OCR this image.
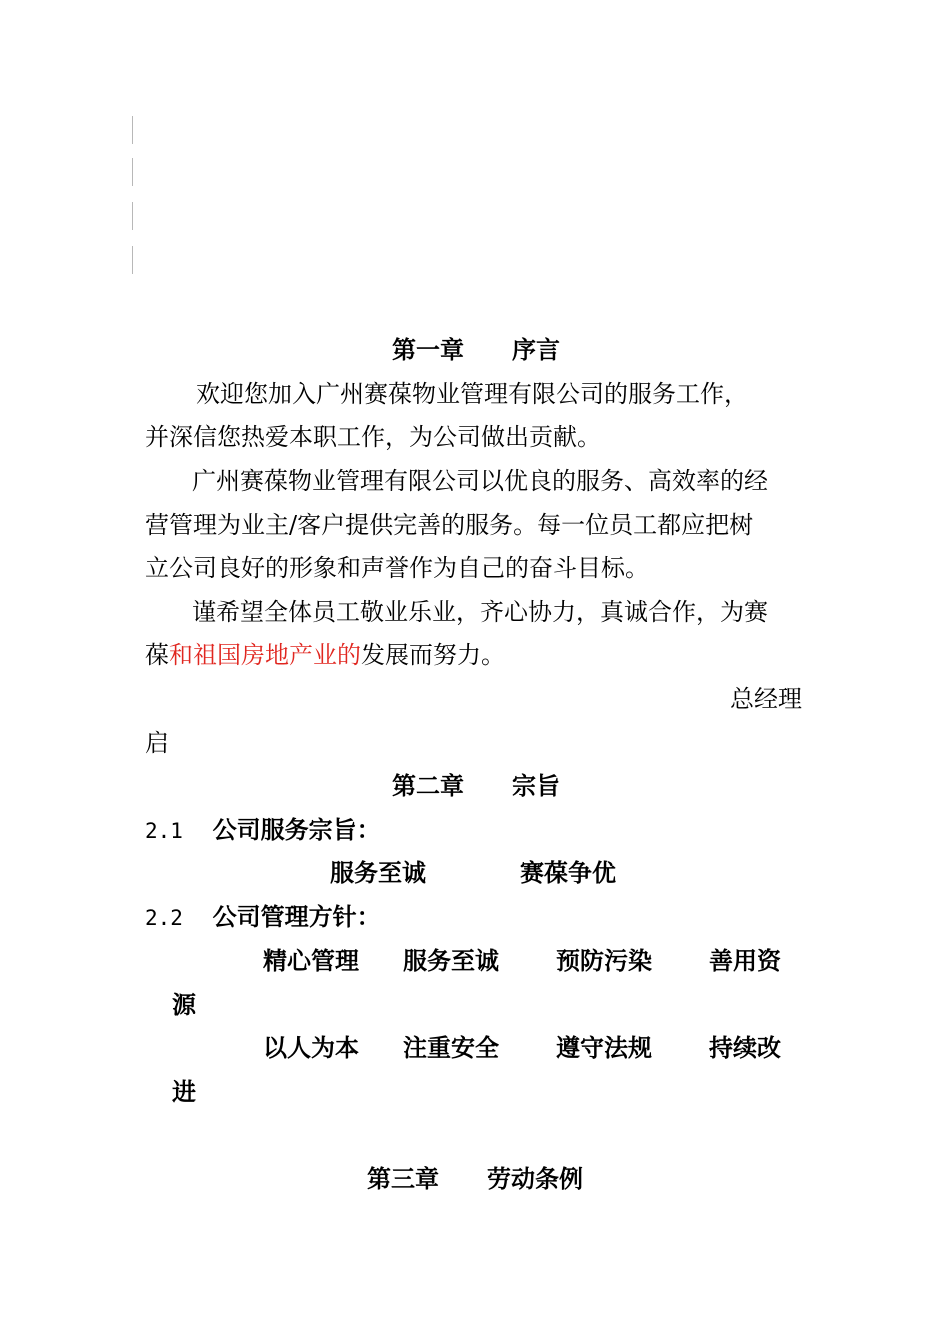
第一章　　序言
欢迎您加入广州赛葆物业管理有限公司的服务工作，
并深信您热爱本职工作，为公司做出贡献。
广州赛葆物业管理有限公司以优良的服务、高效率的经
营管理为业主/客户提供完善的服务。每一位员工都应把树
立公司良好的形象和声誉作为自己的奋斗目标。
谨希望全体员工敬业乐业，齐心协力，真诚合作，为赛
葆和祖国房地产业的发展而努力。
总经理
启
第二章　　宗旨
2.1 公司服务宗旨：
服务至诚	赛葆争优
2.2 公司管理方针：
精心管理 服务至诚 预防污染 善用资
源
以人为本 注重安全 遵守法规 持续改
进
第三章　　劳动条例
